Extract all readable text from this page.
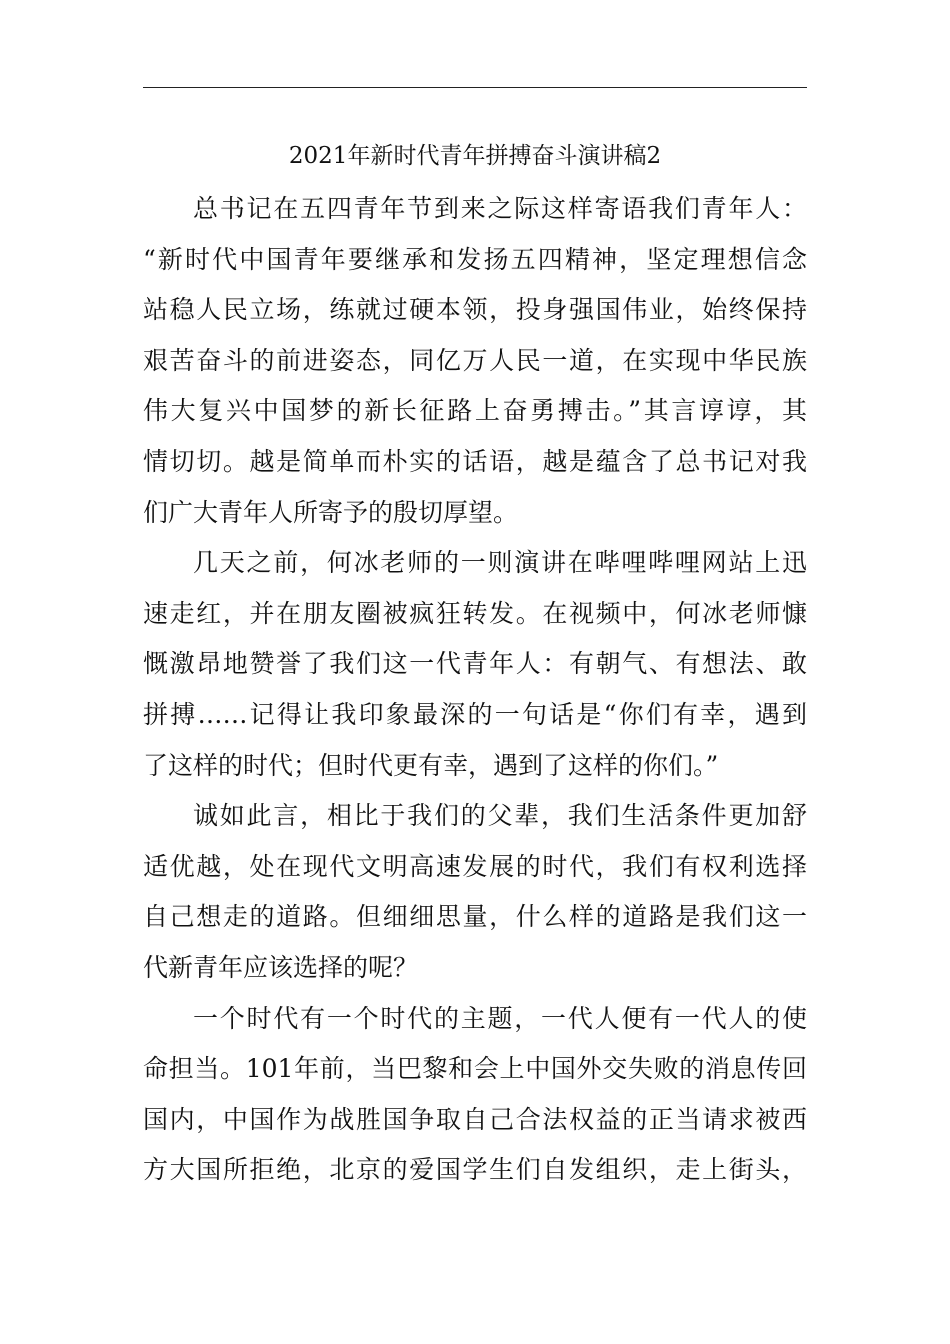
2021年新时代青年拼搏奋斗演讲稿2
总书记在五四青年节到来之际这样寄语我们青年人：
“新时代中国青年要继承和发扬五四精神，坚定理想信念
站稳人民立场，练就过硬本领，投身强国伟业，始终保持
艰苦奋斗的前进姿态，同亿万人民一道，在实现中华民族
伟大复兴中国梦的新长征路上奋勇搏击。”其言谆谆，其
情切切。越是简单而朴实的话语，越是蕴含了总书记对我
们广大青年人所寄予的殷切厚望。
几天之前，何冰老师的一则演讲在哔哩哔哩网站上迅
速走红，并在朋友圈被疯狂转发。在视频中，何冰老师慷
慨激昂地赞誉了我们这一代青年人：有朝气、有想法、敢
拼搏……记得让我印象最深的一句话是“你们有幸，遇到
了这样的时代；但时代更有幸，遇到了这样的你们。”
诚如此言，相比于我们的父辈，我们生活条件更加舒
适优越，处在现代文明高速发展的时代，我们有权利选择
自己想走的道路。但细细思量，什么样的道路是我们这一
代新青年应该选择的呢？
一个时代有一个时代的主题，一代人便有一代人的使
命担当。101年前，当巴黎和会上中国外交失败的消息传回
国内，中国作为战胜国争取自己合法权益的正当请求被西
方大国所拒绝，北京的爱国学生们自发组织，走上街头，
